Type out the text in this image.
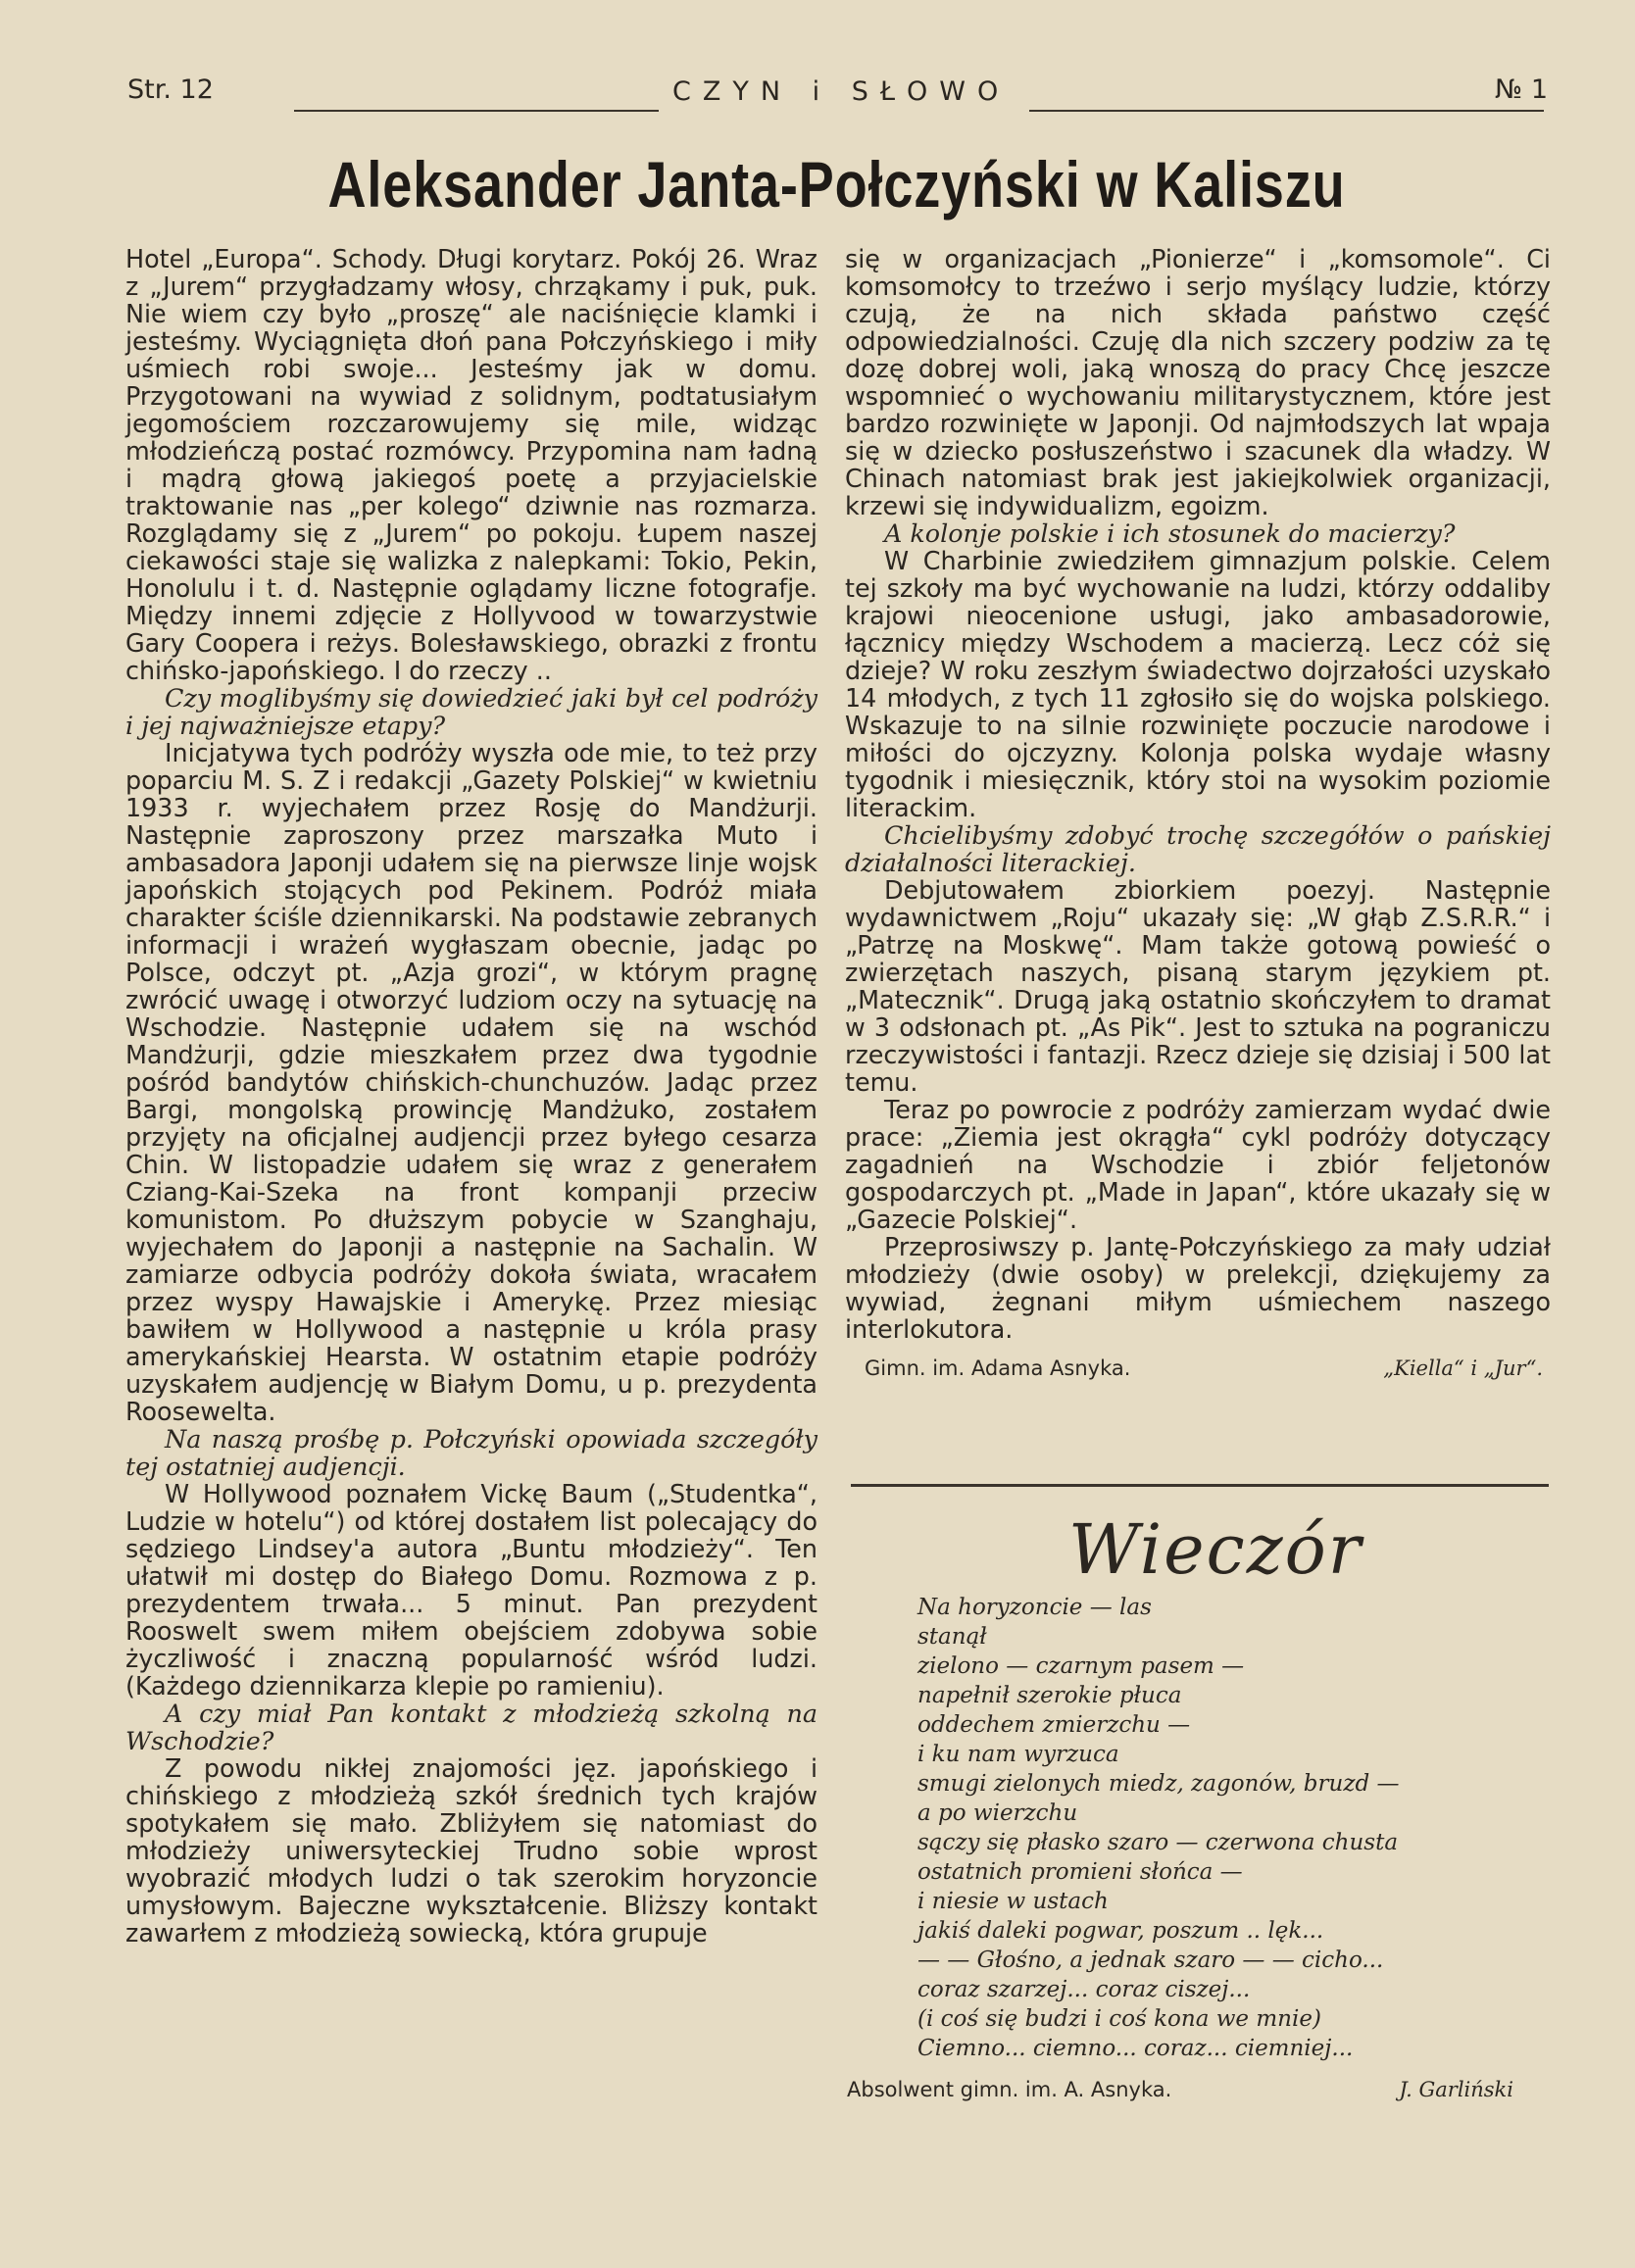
Str. 12	CZYN i SŁOWO	№ 1
Aleksander Janta-Połczyński w Kaliszu

Hotel „Europa“. Schody. Długi korytarz. Pokój 26. Wraz z „Jurem“ przygładzamy włosy, chrząkamy i puk, puk. Nie wiem czy było „proszę“ ale naciśnięcie klamki i jesteśmy. Wyciągnięta dłoń pana Połczyńskiego i miły uśmiech robi swoje... Jesteśmy jak w domu. Przygotowani na wywiad z solidnym, podtatusiałym jegomościem rozczarowujemy się mile, widząc młodzieńczą postać rozmówcy. Przypomina nam ładną i mądrą głową jakiegoś poetę a przyjacielskie traktowanie nas „per kolego“ dziwnie nas rozmarza. Rozglądamy się z „Jurem“ po pokoju. Łupem naszej ciekawości staje się walizka z nalepkami: Tokio, Pekin, Honolulu i t. d. Następnie oglądamy liczne fotografje. Między innemi zdjęcie z Hollyvood w towarzystwie Gary Coopera i reżys. Bolesławskiego, obrazki z frontu chińsko-japońskiego. I do rzeczy ..

Czy moglibyśmy się dowiedzieć jaki był cel podróży i jej najważniejsze etapy?

Inicjatywa tych podróży wyszła ode mie, to też przy poparciu M. S. Z i redakcji „Gazety Polskiej“ w kwietniu 1933 r. wyjechałem przez Rosję do Mandżurji. Następnie zaproszony przez marszałka Muto i ambasadora Japonji udałem się na pierwsze linje wojsk japońskich stojących pod Pekinem. Podróż miała charakter ściśle dziennikarski. Na podstawie zebranych informacji i wrażeń wygłaszam obecnie, jadąc po Polsce, odczyt pt. „Azja grozi“, w którym pragnę zwrócić uwagę i otworzyć ludziom oczy na sytuację na Wschodzie. Następnie udałem się na wschód Mandżurji, gdzie mieszkałem przez dwa tygodnie pośród bandytów chińskich-chunchuzów. Jadąc przez Bargi, mongolską prowincję Mandżuko, zostałem przyjęty na oficjalnej audjencji przez byłego cesarza Chin. W listopadzie udałem się wraz z generałem Cziang-Kai-Szeka na front kompanji przeciw komunistom. Po dłuższym pobycie w Szanghaju, wyjechałem do Japonji a następnie na Sachalin. W zamiarze odbycia podróży dokoła świata, wracałem przez wyspy Hawajskie i Amerykę. Przez miesiąc bawiłem w Hollywood a następnie u króla prasy amerykańskiej Hearsta. W ostatnim etapie podróży uzyskałem audjencję w Białym Domu, u p. prezydenta Roosewelta.

Na naszą prośbę p. Połczyński opowiada szczegóły tej ostatniej audjencji.

W Hollywood poznałem Vickę Baum („Studentka“, Ludzie w hotelu“) od której dostałem list polecający do sędziego Lindsey'a autora „Buntu młodzieży“. Ten ułatwił mi dostęp do Białego Domu. Rozmowa z p. prezydentem trwała... 5 minut. Pan prezydent Rooswelt swem miłem obejściem zdobywa sobie życzliwość i znaczną popularność wśród ludzi. (Każdego dziennikarza klepie po ramieniu).

A czy miał Pan kontakt z młodzieżą szkolną na Wschodzie?

Z powodu nikłej znajomości jęz. japońskiego i chińskiego z młodzieżą szkół średnich tych krajów spotykałem się mało. Zbliżyłem się natomiast do młodzieży uniwersyteckiej Trudno sobie wprost wyobrazić młodych ludzi o tak szerokim horyzoncie umysłowym. Bajeczne wykształcenie. Bliższy kontakt zawarłem z młodzieżą sowiecką, która grupuje

się w organizacjach „Pionierze“ i „komsomole“. Ci komsomołcy to trzeźwo i serjo myślący ludzie, którzy czują, że na nich składa państwo część odpowiedzialności. Czuję dla nich szczery podziw za tę dozę dobrej woli, jaką wnoszą do pracy Chcę jeszcze wspomnieć o wychowaniu militarystycznem, które jest bardzo rozwinięte w Japonji. Od najmłodszych lat wpaja się w dziecko posłuszeństwo i szacunek dla władzy. W Chinach natomiast brak jest jakiejkolwiek organizacji, krzewi się indywidualizm, egoizm.

A kolonje polskie i ich stosunek do macierzy?

W Charbinie zwiedziłem gimnazjum polskie. Celem tej szkoły ma być wychowanie na ludzi, którzy oddaliby krajowi nieocenione usługi, jako ambasadorowie, łącznicy między Wschodem a macierzą. Lecz cóż się dzieje? W roku zeszłym świadectwo dojrzałości uzyskało 14 młodych, z tych 11 zgłosiło się do wojska polskiego. Wskazuje to na silnie rozwinięte poczucie narodowe i miłości do ojczyzny. Kolonja polska wydaje własny tygodnik i miesięcznik, który stoi na wysokim poziomie literackim.

Chcielibyśmy zdobyć trochę szczegółów o pańskiej działalności literackiej.

Debjutowałem zbiorkiem poezyj. Następnie wydawnictwem „Roju“ ukazały się: „W głąb Z.S.R.R.“ i „Patrzę na Moskwę“. Mam także gotową powieść o zwierzętach naszych, pisaną starym językiem pt. „Matecznik“. Drugą jaką ostatnio skończyłem to dramat w 3 odsłonach pt. „As Pik“. Jest to sztuka na pograniczu rzeczywistości i fantazji. Rzecz dzieje się dzisiaj i 500 lat temu.

Teraz po powrocie z podróży zamierzam wydać dwie prace: „Ziemia jest okrągła“ cykl podróży dotyczący zagadnień na Wschodzie i zbiór feljetonów gospodarczych pt. „Made in Japan“, które ukazały się w „Gazecie Polskiej“.

Przeprosiwszy p. Jantę-Połczyńskiego za mały udział młodzieży (dwie osoby) w prelekcji, dziękujemy za wywiad, żegnani miłym uśmiechem naszego interlokutora.

Gimn. im. Adama Asnyka.	„Kiella“ i „Jur“.
Wieczór
Na horyzoncie — las
stanął
zielono — czarnym pasem —
napełnił szerokie płuca
oddechem zmierzchu —
i ku nam wyrzuca
smugi zielonych miedz, zagonów, bruzd —
a po wierzchu
sączy się płasko szaro — czerwona chusta
ostatnich promieni słońca —
i niesie w ustach
jakiś daleki pogwar, poszum .. lęk...
— — Głośno, a jednak szaro — — cicho...
coraz szarzej... coraz ciszej...
(i coś się budzi i coś kona we mnie)
Ciemno... ciemno... coraz... ciemniej...
Absolwent gimn. im. A. Asnyka.	J. Garliński
